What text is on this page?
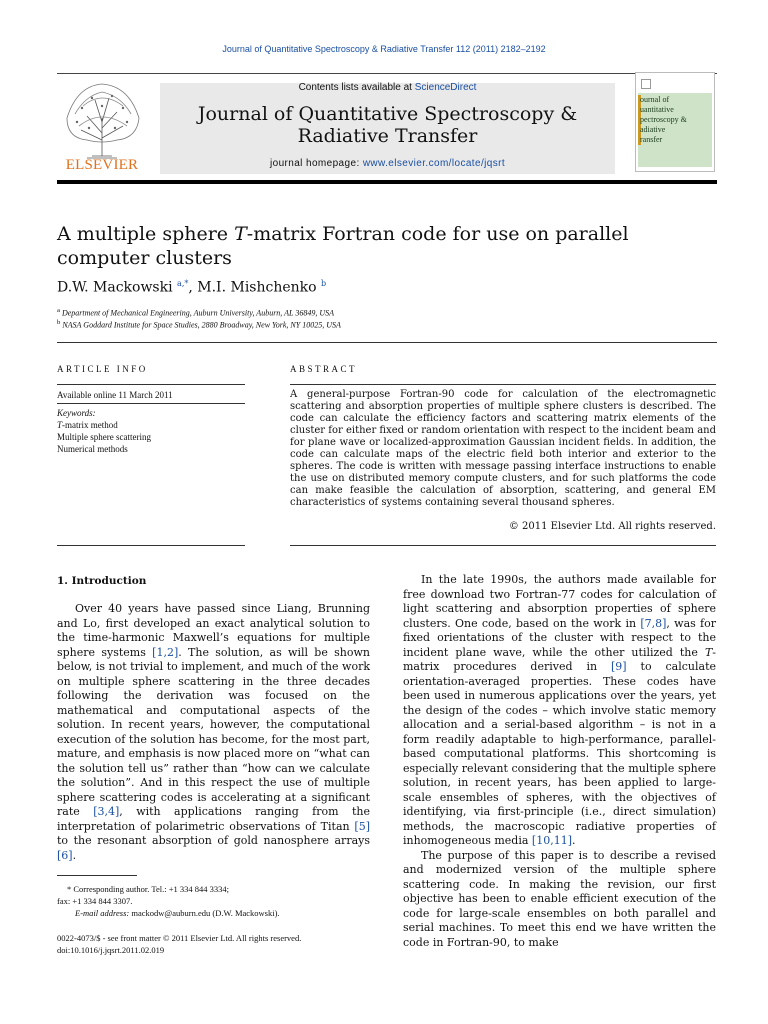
Journal of Quantitative Spectroscopy & Radiative Transfer 112 (2011) 2182–2192
ELSEVIER
Contents lists available at ScienceDirect
Journal of Quantitative Spectroscopy &
Radiative Transfer
journal homepage: www.elsevier.com/locate/jqsrt
ournal of
uantitative
pectroscopy &
adiative
ransfer
A multiple sphere T-matrix Fortran code for use on parallel
computer clusters
D.W. Mackowski $^{a,*}$, M.I. Mishchenko $^b$
$^a$ Department of Mechanical Engineering, Auburn University, Auburn, AL 36849, USA
$^b$ NASA Goddard Institute for Space Studies, 2880 Broadway, New York, NY 10025, USA
ARTICLE INFO
Available online 11 March 2011
Keywords:
T-matrix method
Multiple sphere scattering
Numerical methods
ABSTRACT
A general-purpose Fortran-90 code for calculation of the electromagnetic scattering and absorption properties of multiple sphere clusters is described. The code can calculate the efficiency factors and scattering matrix elements of the cluster for either fixed or random orientation with respect to the incident beam and for plane wave or localized-approximation Gaussian incident fields. In addition, the code can calculate maps of the electric field both interior and exterior to the spheres. The code is written with message passing interface instructions to enable the use on distributed memory compute clusters, and for such platforms the code can make feasible the calculation of absorption, scattering, and general EM characteristics of systems containing several thousand spheres.
© 2011 Elsevier Ltd. All rights reserved.
1. Introduction

Over 40 years have passed since Liang, Brunning and Lo, first developed an exact analytical solution to the time-harmonic Maxwell’s equations for multiple sphere systems [1,2]. The solution, as will be shown below, is not trivial to implement, and much of the work on multiple sphere scattering in the three decades following the derivation was focused on the mathematical and computational aspects of the solution. In recent years, however, the computational execution of the solution has become, for the most part, mature, and emphasis is now placed more on “what can the solution tell us” rather than “how can we calculate the solution”. And in this respect the use of multiple sphere scattering codes is accelerating at a significant rate [3,4], with applications ranging from the interpretation of polarimetric observations of Titan [5] to the resonant absorption of gold nanosphere arrays [6].

In the late 1990s, the authors made available for free download two Fortran-77 codes for calculation of light scattering and absorption properties of sphere clusters. One code, based on the work in [7,8], was for fixed orientations of the cluster with respect to the incident plane wave, while the other utilized the T-matrix procedures derived in [9] to calculate orientation-averaged properties. These codes have been used in numerous applications over the years, yet the design of the codes – which involve static memory allocation and a serial-based algorithm – is not in a form readily adaptable to high-performance, parallel-based computational platforms. This shortcoming is especially relevant considering that the multiple sphere solution, in recent years, has been applied to large-scale ensembles of spheres, with the objectives of identifying, via first-principle (i.e., direct simulation) methods, the macroscopic radiative properties of inhomogeneous media [10,11].

The purpose of this paper is to describe a revised and modernized version of the multiple sphere scattering code. In making the revision, our first objective has been to enable efficient execution of the code for large-scale ensembles on both parallel and serial machines. To meet this end we have written the code in Fortran-90, to make

* Corresponding author. Tel.: +1 334 844 3334;
fax: +1 334 844 3307.
E-mail address: mackodw@auburn.edu (D.W. Mackowski).
0022-4073/$ - see front matter © 2011 Elsevier Ltd. All rights reserved.
doi:10.1016/j.jqsrt.2011.02.019
